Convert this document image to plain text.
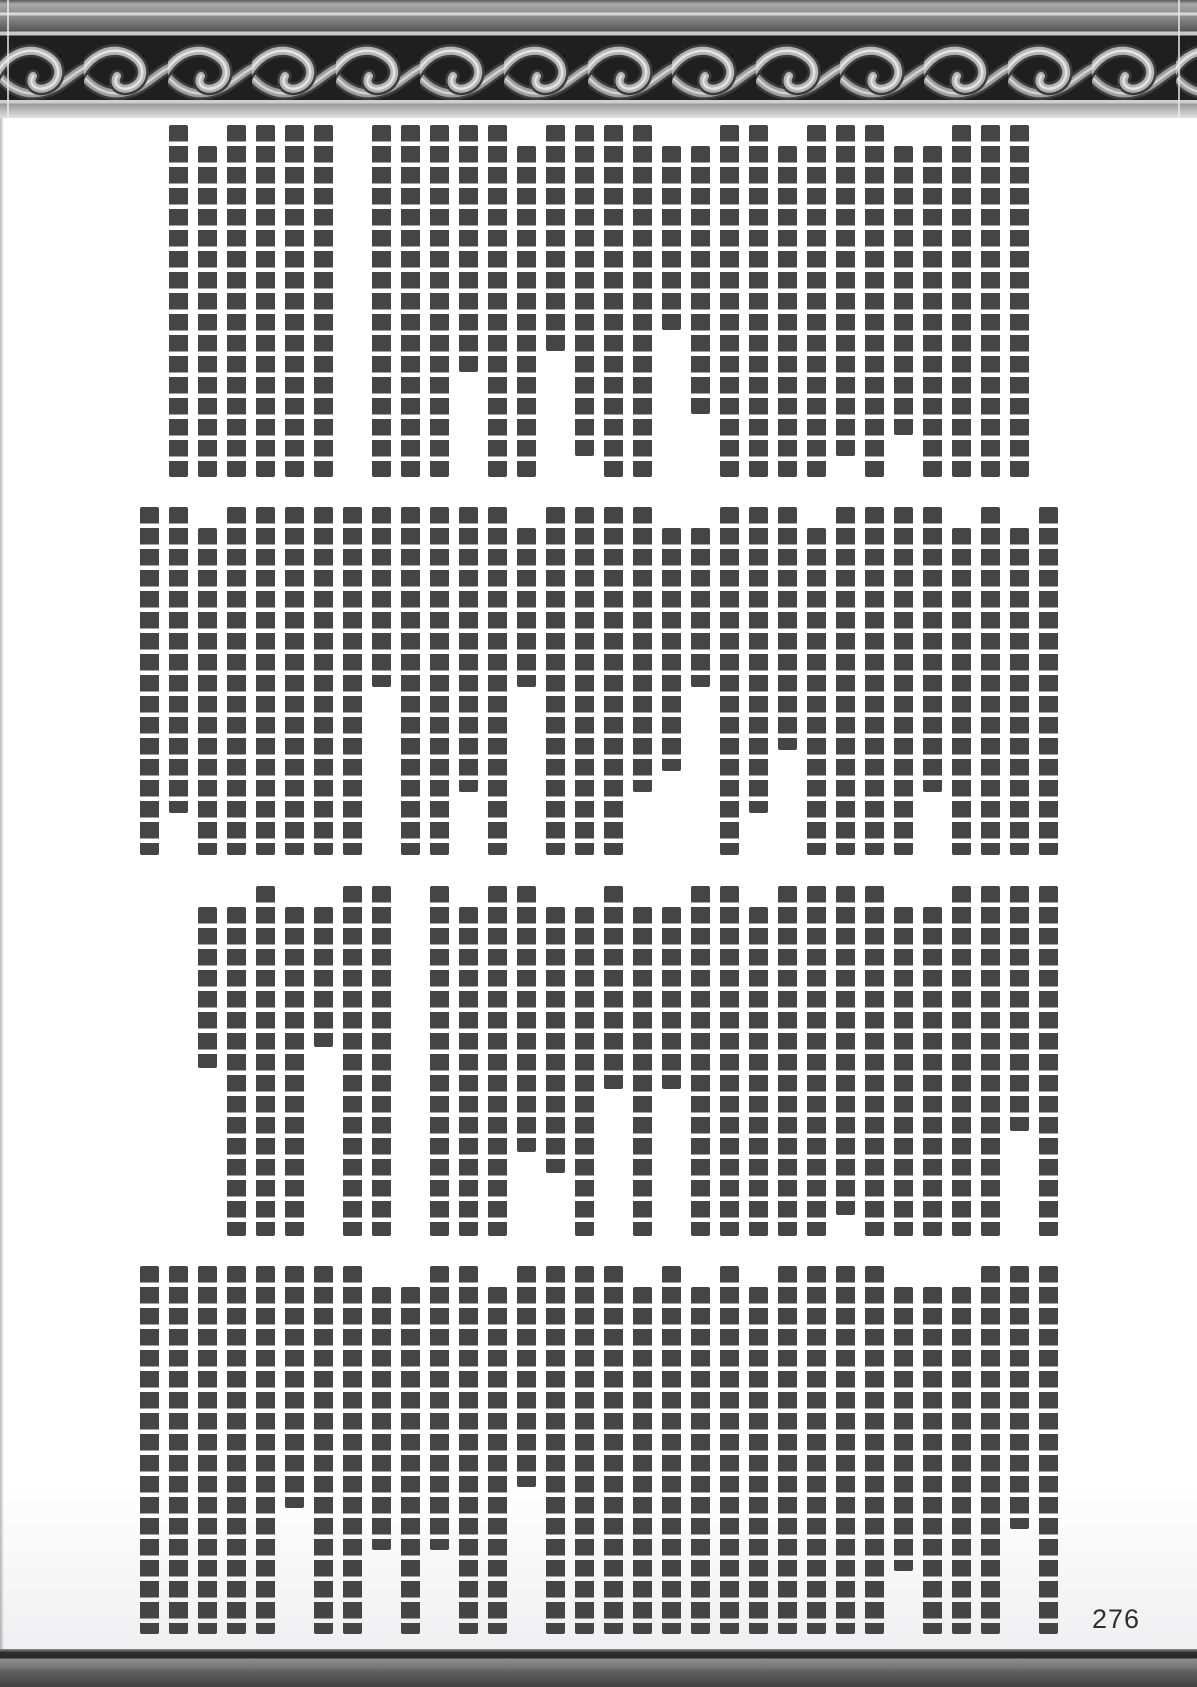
276
